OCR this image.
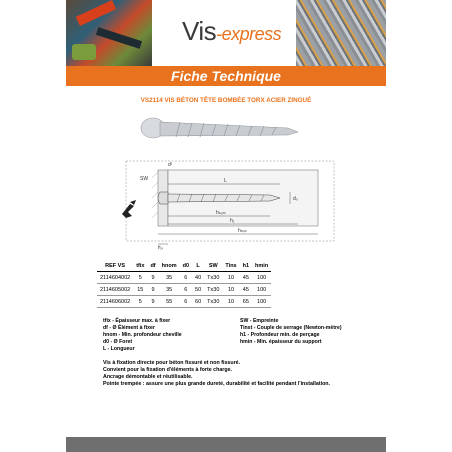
Vis-express
Fiche Technique
VS2114 VIS BÉTON TÊTE BOMBÉE TORX ACIER ZINGUÉ
dᶠ
SW	L
d₀
hₙₒₘ
h₁
hₘᵢₙ
tᶠᵢₓ
REF VS	tfix	df	hnom	d0	L	SW	Tins	h1	hmin
2114604002	5	9	35	6	40	Tx30	10	45	100
2114605002	15	9	35	6	50	Tx30	10	45	100
2114606002	5	9	55	6	60	Tx30	10	65	100
tfix - Épaisseur max. à fixer
df - Ø Élément à fixer
hnom - Min. profondeur cheville
d0 - Ø Foret
L - Longueur
SW - Empreinte
Tinst - Couple de serrage (Newton-mètre)
h1 - Profondeur min. de perçage
hmin - Min. épaisseur du support
Vis à fixation directe pour béton fissuré et non fissuré.
Convient pour la fixation d'éléments à forte charge.
Ancrage démontable et réutilisable.
Pointe trempée : assure une plus grande dureté, durabilité et facilité pendant l'installation.
